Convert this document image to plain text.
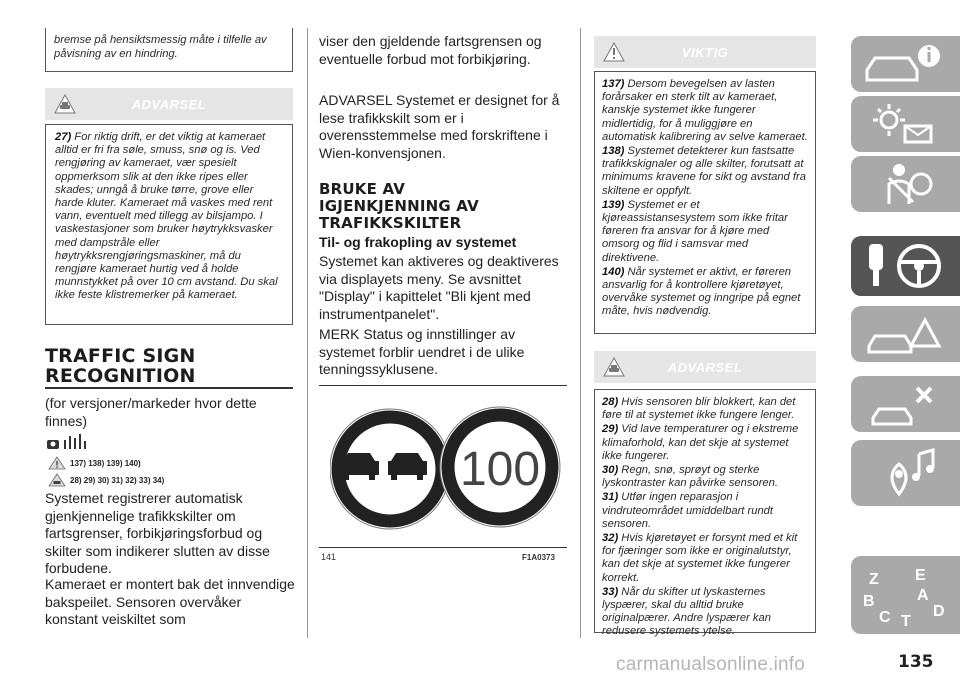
bremse på hensiktsmessig måte i tilfelle av påvisning av en hindring.
ADVARSEL
27) For riktig drift, er det viktig at kameraet alltid er fri fra søle, smuss, snø og is. Ved rengjøring av kameraet, vær spesielt oppmerksom slik at den ikke ripes eller skades; unngå å bruke tørre, grove eller harde kluter. Kameraet må vaskes med rent vann, eventuelt med tillegg av bilsjampo. I vaskestasjoner som bruker høytrykksvasker med dampstråle eller høytrykksrengjøringsmaskiner, må du rengjøre kameraet hurtig ved å holde munnstykket på over 10 cm avstand. Du skal ikke feste klistremerker på kameraet.
TRAFFIC SIGN
RECOGNITION
(for versjoner/markeder hvor dette finnes)
137) 138) 139) 140)
28) 29) 30) 31) 32) 33) 34)
Systemet registrerer automatisk gjenkjennelige trafikkskilter om fartsgrenser, forbikjøringsforbud og skilter som indikerer slutten av disse forbudene.
Kameraet er montert bak det innvendige bakspeilet. Sensoren overvåker konstant veiskiltet som
viser den gjeldende fartsgrensen og eventuelle forbud mot forbikjøring.
ADVARSEL Systemet er designet for å lese trafikkskilt som er i overensstemmelse med forskriftene i Wien-konvensjonen.
BRUKE AV
IGJENKJENNING AV
TRAFIKKSKILTER
Til- og frakopling av systemet
Systemet kan aktiveres og deaktiveres via displayets meny. Se avsnittet "Display" i kapittelet "Bli kjent med instrumentpanelet".
MERK Status og innstillinger av systemet forblir uendret i de ulike tenningssyklusene.
100
141	F1A0373
VIKTIG
137) Dersom bevegelsen av lasten forårsaker en sterk tilt av kameraet, kanskje systemet ikke fungerer midlertidig, for å muliggjøre en automatisk kalibrering av selve kameraet.
138) Systemet detekterer kun fastsatte trafikkskignaler og alle skilter, forutsatt at minimums kravene for sikt og avstand fra skiltene er oppfylt.
139) Systemet er et kjøreassistansesystem som ikke fritar føreren fra ansvar for å kjøre med omsorg og flid i samsvar med direktivene.
140) Når systemet er aktivt, er føreren ansvarlig for å kontrollere kjøretøyet, overvåke systemet og inngripe på egnet måte, hvis nødvendig.
ADVARSEL
28) Hvis sensoren blir blokkert, kan det føre til at systemet ikke fungere lenger.
29) Vid lave temperaturer og i ekstreme klimaforhold, kan det skje at systemet ikke fungerer.
30) Regn, snø, sprøyt og sterke lyskontraster kan påvirke sensoren.
31) Utfør ingen reparasjon i vindruteområdet umiddelbart rundt sensoren.
32) Hvis kjøretøyet er forsynt med et kit for fjæringer som ikke er originalutstyr, kan det skje at systemet ikke fungerer korrekt.
33) Når du skifter ut lyskasternes lyspærer, skal du alltid bruke originalpærer. Andre lyspærer kan redusere systemets ytelse.
Z E
B	A
C T
D
135
carmanualsonline.info
